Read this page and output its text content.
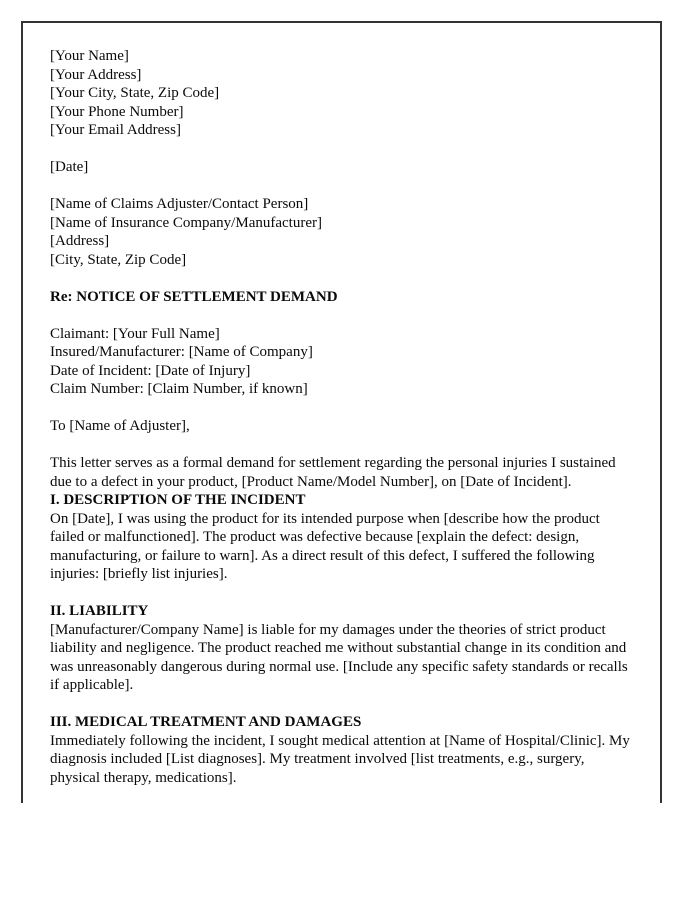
[Your Name]
[Your Address]
[Your City, State, Zip Code]
[Your Phone Number]
[Your Email Address]
[Date]
[Name of Claims Adjuster/Contact Person]
[Name of Insurance Company/Manufacturer]
[Address]
[City, State, Zip Code]
Re: NOTICE OF SETTLEMENT DEMAND
Claimant: [Your Full Name]
Insured/Manufacturer: [Name of Company]
Date of Incident: [Date of Injury]
Claim Number: [Claim Number, if known]
To [Name of Adjuster],

This letter serves as a formal demand for settlement regarding the personal injuries I sustained due to a defect in your product, [Product Name/Model Number], on [Date of Incident].

I. DESCRIPTION OF THE INCIDENT

On [Date], I was using the product for its intended purpose when [describe how the product failed or malfunctioned]. The product was defective because [explain the defect: design, manufacturing, or failure to warn]. As a direct result of this defect, I suffered the following injuries: [briefly list injuries].

II. LIABILITY

[Manufacturer/Company Name] is liable for my damages under the theories of strict product liability and negligence. The product reached me without substantial change in its condition and was unreasonably dangerous during normal use. [Include any specific safety standards or recalls if applicable].

III. MEDICAL TREATMENT AND DAMAGES

Immediately following the incident, I sought medical attention at [Name of Hospital/Clinic]. My diagnosis included [List diagnoses]. My treatment involved [list treatments, e.g., surgery, physical therapy, medications].
